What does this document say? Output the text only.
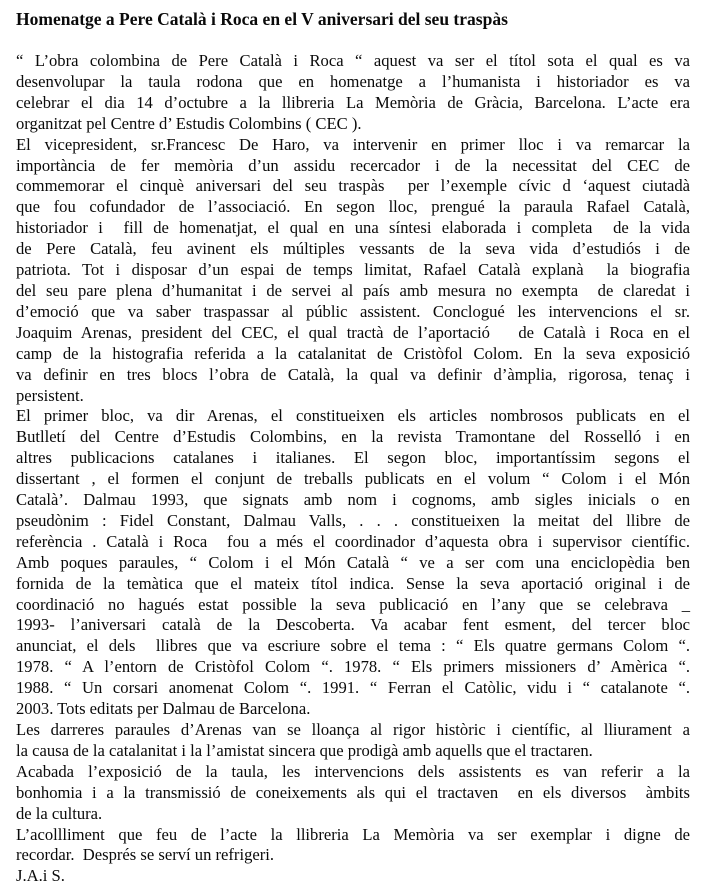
Homenatge a Pere Català i Roca en el V aniversari del seu traspàs
“ L’obra colombina de Pere Català i Roca “ aquest va ser el títol sota el qual es va
desenvolupar la taula rodona que en homenatge a l’humanista i historiador es va
celebrar el dia 14 d’octubre a la llibreria La Memòria de Gràcia, Barcelona. L’acte era
organitzat pel Centre d’ Estudis Colombins ( CEC ).
El vicepresident, sr.Francesc De Haro, va intervenir en primer lloc i va remarcar la
importància de fer memòria d’un assidu recercador i de la necessitat del CEC de
commemorar el cinquè aniversari del seu traspàs  per l’exemple cívic d ‘aquest ciutadà
que fou cofundador de l’associació. En segon lloc, prengué la paraula Rafael Català,
historiador i  fill de homenatjat, el qual en una síntesi elaborada i completa  de la vida
de Pere Català, feu avinent els múltiples vessants de la seva vida d’estudiós i de
patriota. Tot i disposar d’un espai de temps limitat, Rafael Català explanà  la biografia
del seu pare plena d’humanitat i de servei al país amb mesura no exempta  de claredat i
d’emoció que va saber traspassar al públic assistent. Conclogué les intervencions el sr.
Joaquim Arenas, president del CEC, el qual tractà de l’aportació   de Català i Roca en el
camp de la histografia referida a la catalanitat de Cristòfol Colom. En la seva exposició
va definir en tres blocs l’obra de Català, la qual va definir d’àmplia, rigorosa, tenaç i
persistent.
El primer bloc, va dir Arenas, el constitueixen els articles nombrosos publicats en el
Butlletí del Centre d’Estudis Colombins, en la revista Tramontane del Rosselló i en
altres publicacions catalanes i italianes. El segon bloc, importantíssim segons el
dissertant , el formen el conjunt de treballs publicats en el volum “ Colom i el Món
Català’. Dalmau 1993, que signats amb nom i cognoms, amb sigles inicials o en
pseudònim : Fidel Constant, Dalmau Valls, . . . constitueixen la meitat del llibre de
referència . Català i Roca  fou a més el coordinador d’aquesta obra i supervisor científic.
Amb poques paraules, “ Colom i el Món Català “ ve a ser com una enciclopèdia ben
fornida de la temàtica que el mateix títol indica. Sense la seva aportació original i de
coordinació no hagués estat possible la seva publicació en l’any que se celebrava _
1993- l’aniversari català de la Descoberta. Va acabar fent esment, del tercer bloc
anunciat, el dels  llibres que va escriure sobre el tema : “ Els quatre germans Colom “.
1978. “ A l’entorn de Cristòfol Colom “. 1978. “ Els primers missioners d’ Amèrica “.
1988. “ Un corsari anomenat Colom “. 1991. “ Ferran el Catòlic, vidu i “ catalanote “.
2003. Tots editats per Dalmau de Barcelona.
Les darreres paraules d’Arenas van se lloança al rigor històric i científic, al lliurament a
la causa de la catalanitat i la l’amistat sincera que prodigà amb aquells que el tractaren.
Acabada l’exposició de la taula, les intervencions dels assistents es van referir a la
bonhomia i a la transmissió de coneixements als qui el tractaven  en els diversos  àmbits
de la cultura.
L’acollliment que feu de l’acte la llibreria La Memòria va ser exemplar i digne de
recordar.  Després se serví un refrigeri.
J.A.i S.
